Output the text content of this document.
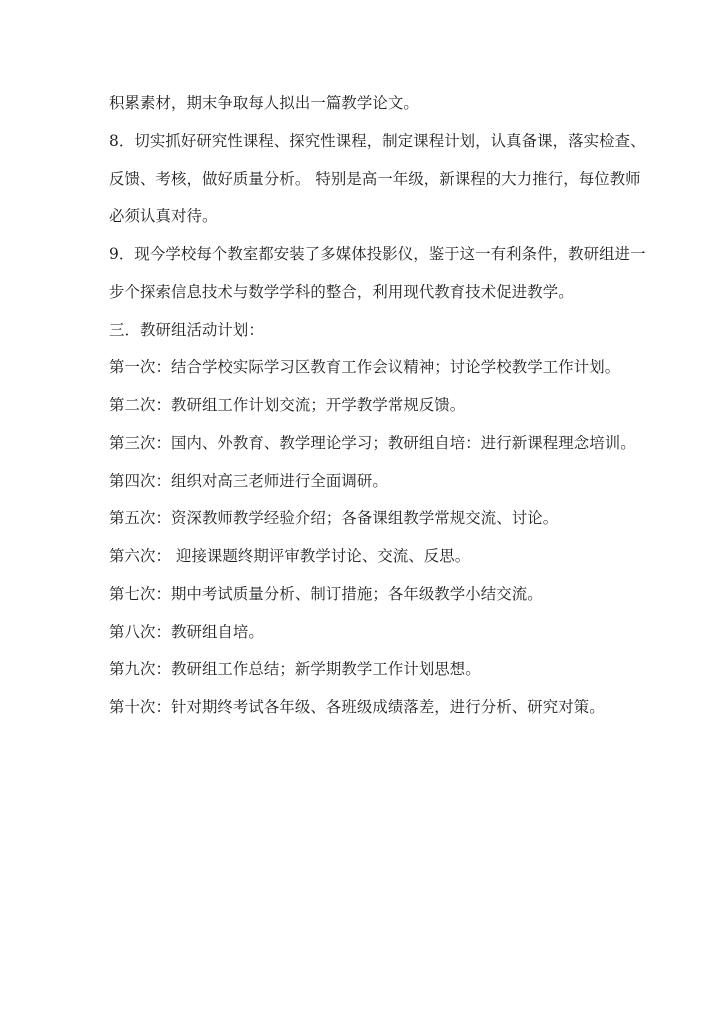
积累素材，期末争取每人拟出一篇教学论文。
8．切实抓好研究性课程、探究性课程，制定课程计划，认真备课，落实检查、
反馈、考核，做好质量分析。 特别是高一年级，新课程的大力推行，每位教师
必须认真对待。
9．现今学校每个教室都安装了多媒体投影仪，鉴于这一有利条件，教研组进一
步个探索信息技术与数学学科的整合，利用现代教育技术促进教学。
三．教研组活动计划：
第一次：结合学校实际学习区教育工作会议精神；讨论学校教学工作计划。
第二次：教研组工作计划交流；开学教学常规反馈。
第三次：国内、外教育、教学理论学习；教研组自培：进行新课程理念培训。
第四次：组织对高三老师进行全面调研。
第五次：资深教师教学经验介绍；各备课组教学常规交流、讨论。
第六次： 迎接课题终期评审教学讨论、交流、反思。
第七次：期中考试质量分析、制订措施；各年级教学小结交流。
第八次：教研组自培。
第九次：教研组工作总结；新学期教学工作计划思想。
第十次：针对期终考试各年级、各班级成绩落差，进行分析、研究对策。
